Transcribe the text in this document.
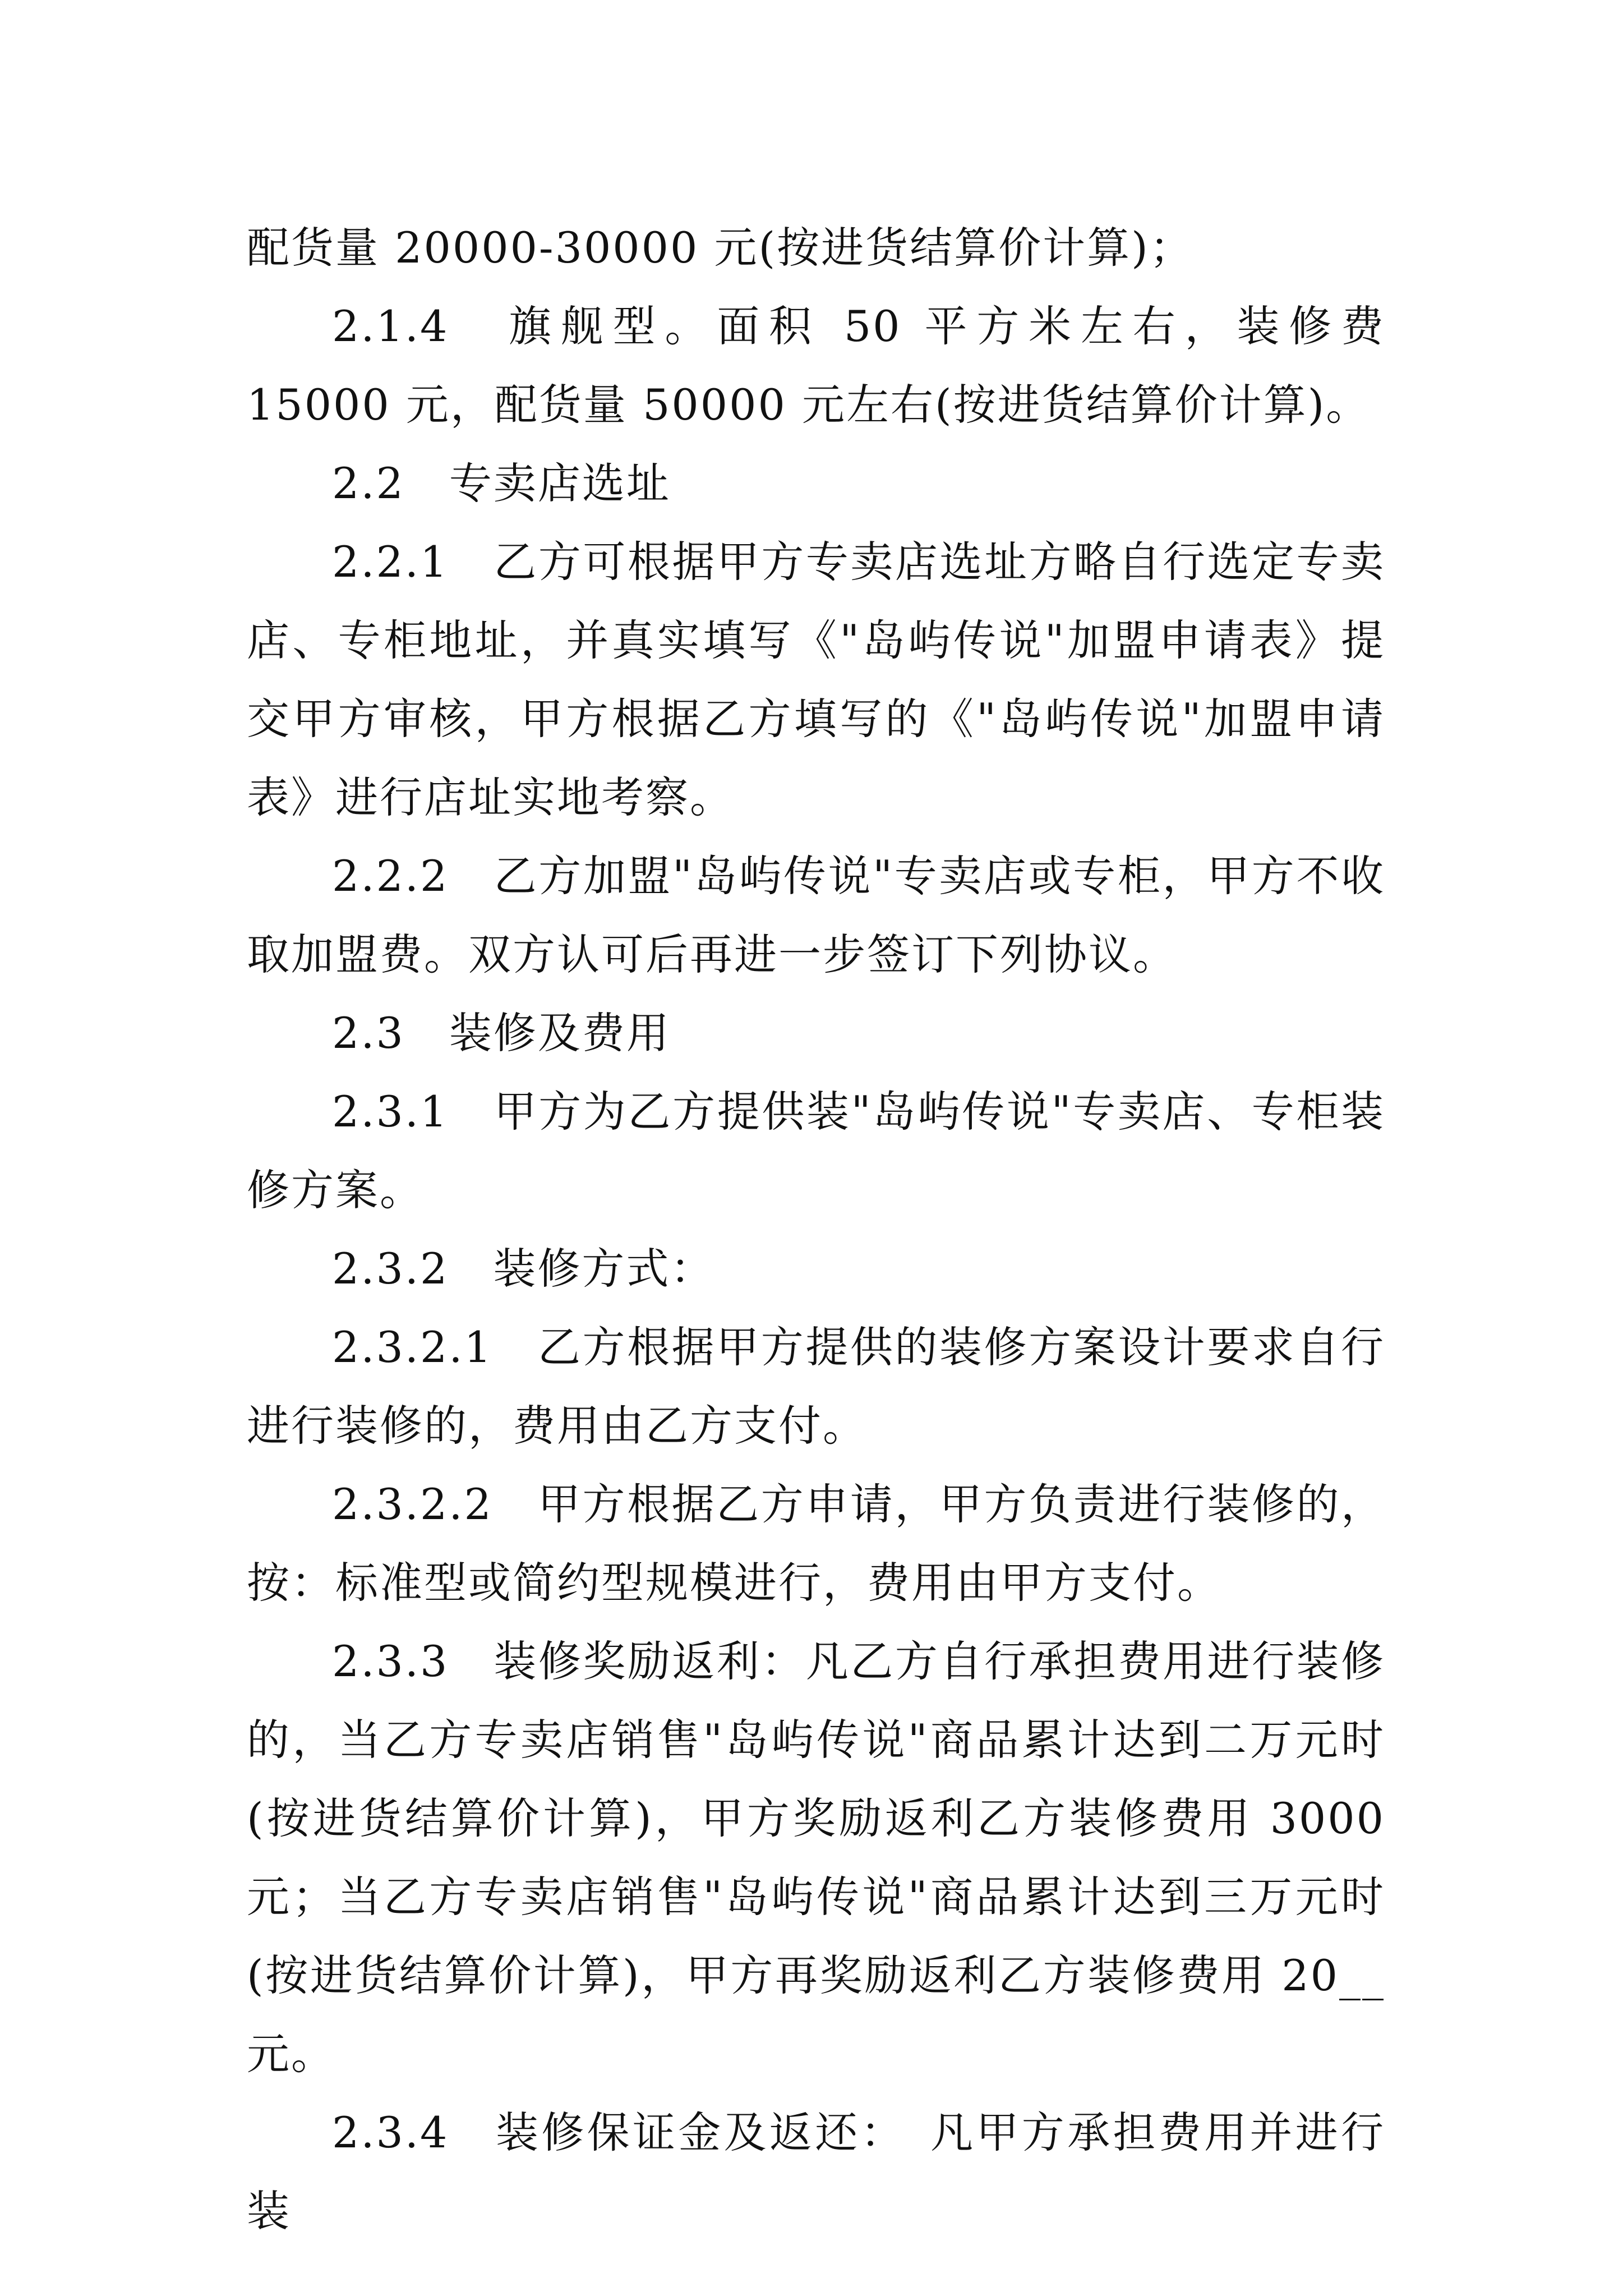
配货量 20000-30000 元(按进货结算价计算)；

2.1.4　旗舰型。面积 50 平方米左右，装修费 15000 元，配货量 50000 元左右(按进货结算价计算)。

2.2　专卖店选址

2.2.1　乙方可根据甲方专卖店选址方略自行选定专卖店、专柜地址，并真实填写《"岛屿传说"加盟申请表》提交甲方审核，甲方根据乙方填写的《"岛屿传说"加盟申请表》进行店址实地考察。

2.2.2　乙方加盟"岛屿传说"专卖店或专柜，甲方不收取加盟费。双方认可后再进一步签订下列协议。

2.3　装修及费用

2.3.1　甲方为乙方提供装"岛屿传说"专卖店、专柜装修方案。

2.3.2　装修方式：

2.3.2.1　乙方根据甲方提供的装修方案设计要求自行进行装修的，费用由乙方支付。

2.3.2.2　甲方根据乙方申请，甲方负责进行装修的，按：标准型或简约型规模进行，费用由甲方支付。

2.3.3　装修奖励返利：凡乙方自行承担费用进行装修的，当乙方专卖店销售"岛屿传说"商品累计达到二万元时(按进货结算价计算)，甲方奖励返利乙方装修费用 3000 元；当乙方专卖店销售"岛屿传说"商品累计达到三万元时(按进货结算价计算)，甲方再奖励返利乙方装修费用 20__元。

2.3.4　装修保证金及返还：　凡甲方承担费用并进行装
